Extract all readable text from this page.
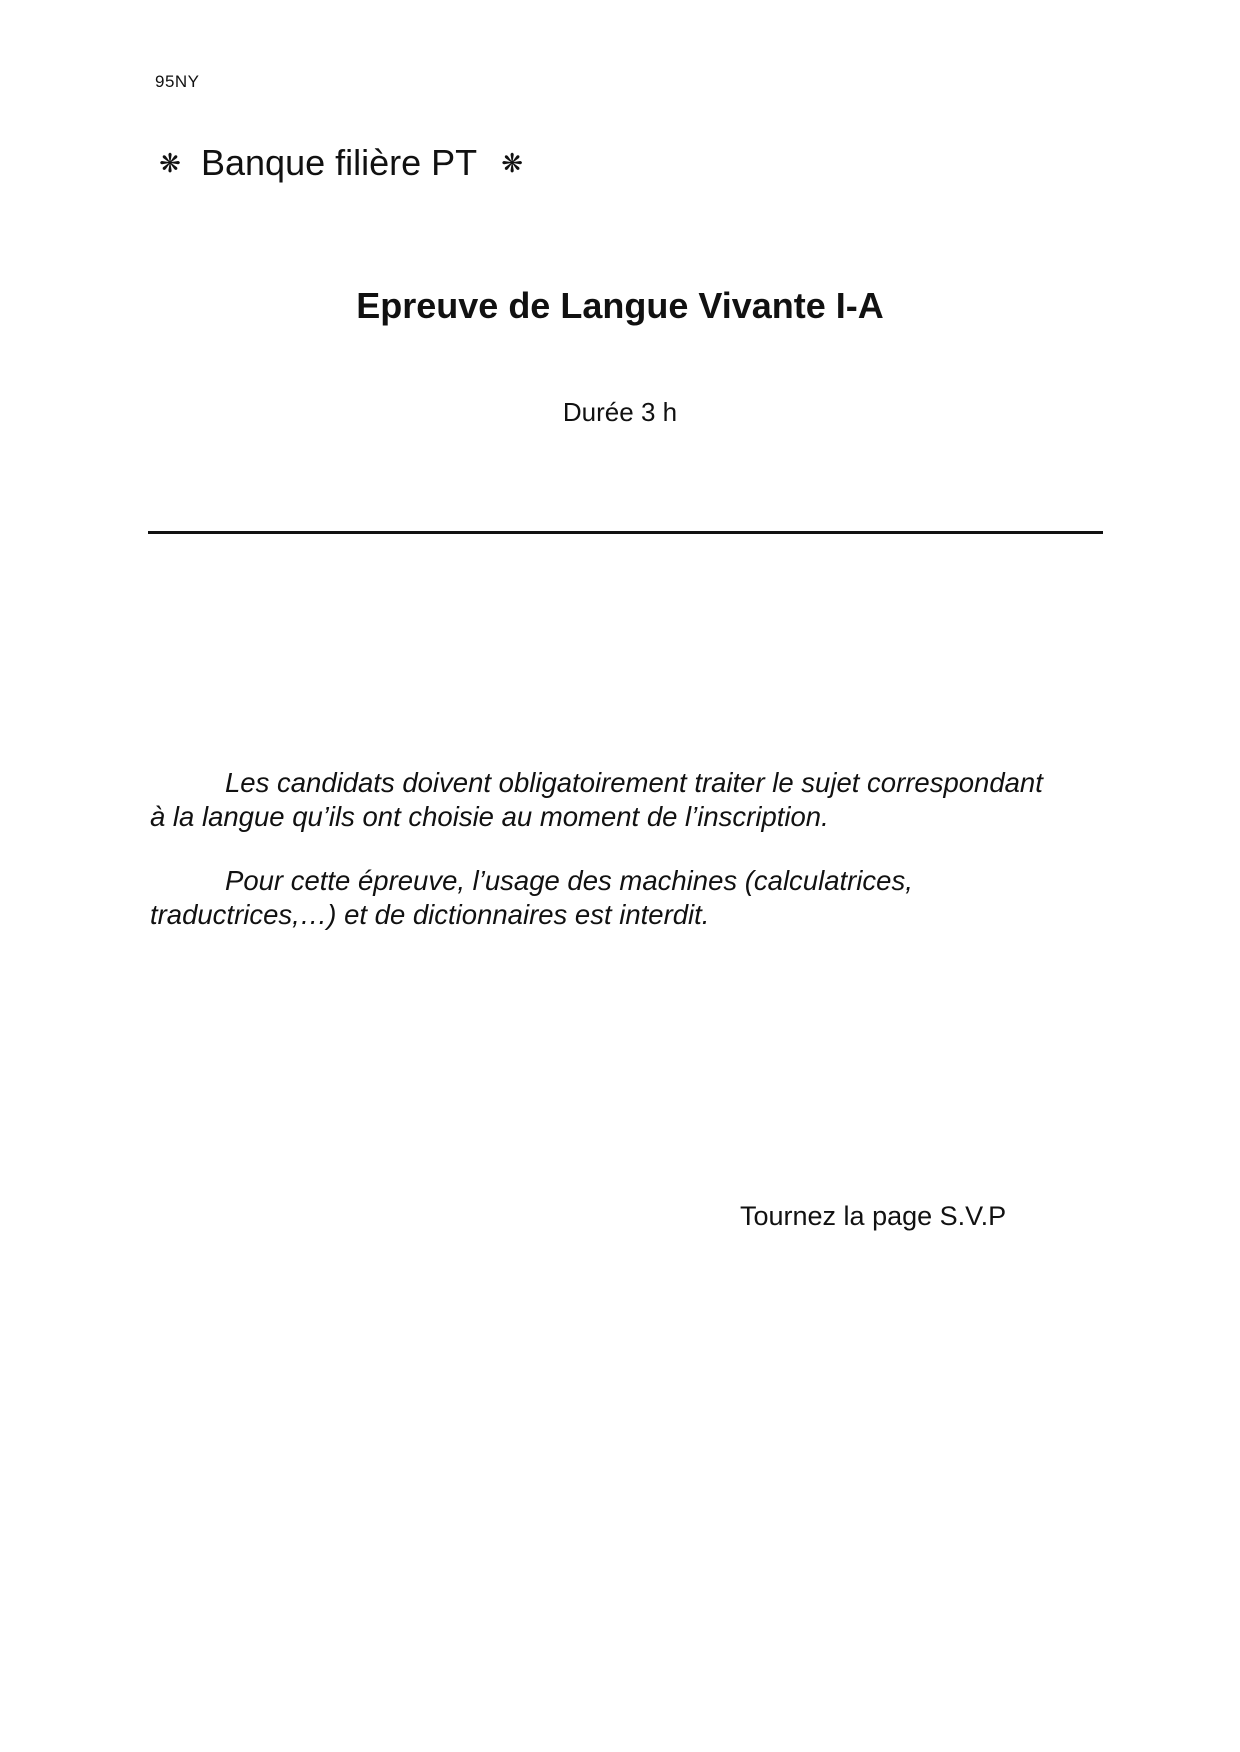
95NY
❋ Banque filière PT ❋
Epreuve de Langue Vivante I-A
Durée 3 h

Les candidats doivent obligatoirement traiter le sujet correspondant
à la langue qu’ils ont choisie au moment de l’inscription.

Pour cette épreuve, l’usage des machines (calculatrices,
traductrices,…) et de dictionnaires est interdit.

Tournez la page S.V.P
